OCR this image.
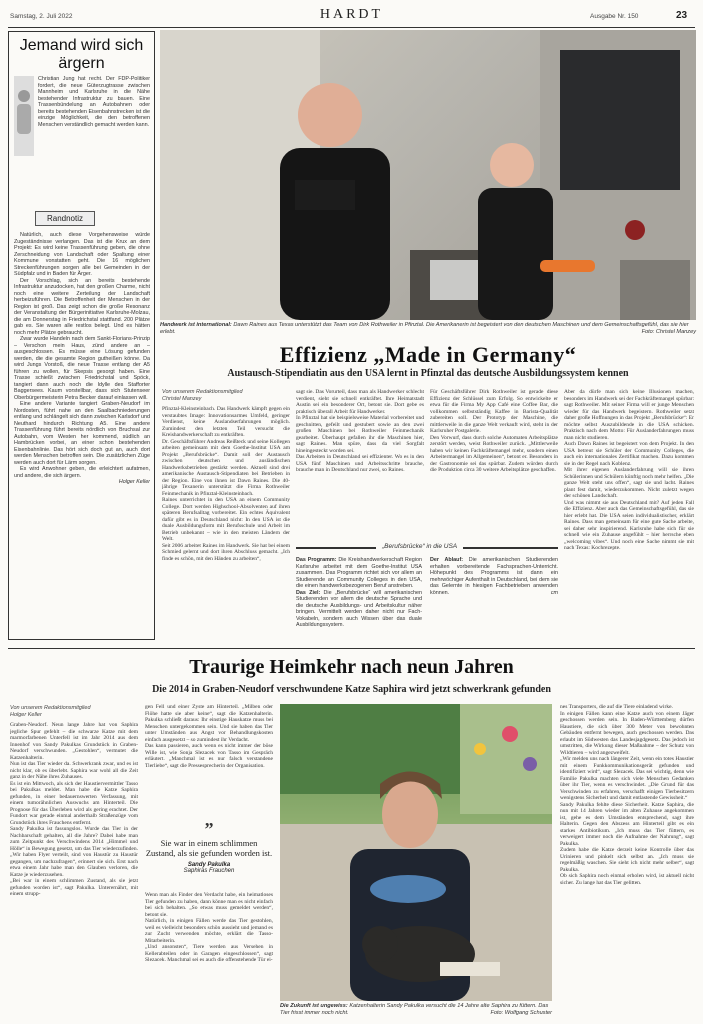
Samstag, 2. Juli 2022	HARDT	Ausgabe Nr. 150	23
Jemand wird sich ärgern
Christian Jung hat recht. Der FDP-Politiker fordert, die neue Güterzugtrasse zwischen Mannheim und Karlsruhe in die Nähe bestehender Infrastruktur zu bauen. Eine Trassenbündelung an Autobahnen oder bereits bestehenden Eisenbahnstrecken ist die einzige Möglichkeit, die den betroffenen Menschen verständlich gemacht werden kann.
Randnotiz
Natürlich, auch diese Vorgehensweise würde Zugeständnisse verlangen. Das ist die Krux an dem Projekt: Es wird keine Trassenführung geben, die ohne Zerschneidung von Landschaft oder Spaltung einer Kommune vonstatten geht. Die 16 möglichen Streckenführungen sorgen alle bei Gemeinden in der Südpfalz und in Baden für Ärger.
Der Vorschlag, sich an bereits bestehende Infrastruktur anzudocken, hat den großen Charme, nicht noch eine weitere Zerteilung der Landschaft herbeizuführen. Die Betroffenheit der Menschen in der Region ist groß. Das zeigt schon die große Resonanz der Veranstaltung der Bürgerinitiative Karlsruhe-Molzau, die am Donnerstag in Friedrichstal stattfand. 200 Plätze gab es. Sie waren alle restlos belegt. Und es hätten noch mehr Plätze gebraucht.
Zwar wurde Handeln nach dem Sankt-Florians-Prinzip – Verschon mein Haus, zünd andere an – ausgeschlossen. Es müsse eine Lösung gefunden werden, die die gesamte Region gutheißen könne. Da wird Jungs Vorstoß, die neue Trasse entlang der A5 führen zu wollen, für Skepsis gesorgt haben. Eine Trasse schießt zwischen Friedrichstal und Spöck, tangiert dann auch noch die Idylle des Stafforter Baggersees. Kaum vorstellbar, dass sich Stutenseer Oberbürgermeisterin Petra Becker darauf einlassen will.
Eine andere Variante tangiert Graben-Neudorf im Nordosten, führt nahe an den Saalbachniederungen entlang und schlängelt sich dann zwischen Karlsdorf und Neuthard hindurch Richtung A5. Eine andere Trassenführung führt bereits nördlich von Bruchsal zur Autobahn, vom Westen her kommend, südlich an Hambrücken vorbei, an einer schon bestehenden Eisenbahnlinie. Das hört sich doch gut an, auch dort werden Menschen betroffen sein. Die zusätzlichen Züge werden auch dort für Lärm sorgen.
Es wird Anwohner geben, die erleichtert aufatmen, und andere, die sich ärgern.
Holger Keller
Handwerk ist international: Dawn Raines aus Texas unterstützt das Team von Dirk Rothweiler in Pfinztal. Die Amerikanerin ist begeistert von den deutschen Maschinen und dem Gemeinschaftsgefühl, das sie hier erlebt.	Foto: Christel Manzey
Effizienz „Made in Germany“
Austausch-Stipendiatin aus den USA lernt in Pfinztal das deutsche Ausbildungssystem kennen
Von unserem Redaktionsmitglied
Christel Manzey
Pfinztal-Kleinsteinbach. Das Handwerk kämpft gegen ein verstaubtes Image: Innovationsarmes Umfeld, geringer Verdienst, keine Auslandserfahrungen möglich. Zumindest den letzten Teil versucht die Kreishandwerkerschaft zu entkräften.
Dr. Geschäftsführer Andreas Reißteck und seine Kollegen arbeiten gemeinsam mit dem Goethe-Institut USA am Projekt „Berufsbrücke“. Damit soll der Austausch zwischen deutschen und ausländischen Handwerksbetrieben gestärkt werden. Aktuell sind drei amerikanische Austausch-Stipendiaten bei Betrieben in der Region. Eine von ihnen ist Dawn Raines. Die 40-jährige Texanerin unterstützt die Firma Rothweiler Feinmechanik in Pfinztal-Kleinsteinbach.
Raines unterrichtet in den USA an einem Community College. Dort werden Highschool-Absolventen auf ihren späteren Berufsalltag vorbereitet. Ein echtes Äquivalent dafür gibt es in Deutschland nicht: In den USA ist die duale Ausbildungsform mit Berufsschule und Arbeit im Betrieb unbekannt – wie in den meisten Ländern der Welt.
Seit 2006 arbeitet Raines im Handwerk. Sie hat bei einem Schmied gelernt und dort ihren Abschluss gemacht. „Ich finde es schön, mit den Händen zu arbeiten“,
sagt sie. Das Vorurteil, dass man als Handwerker schlecht verdient, sieht sie schnell entkräftet. Ihre Heimatstadt Austin sei ein besonderer Ort, betont sie. Dort gebe es praktisch überall Arbeit für Handwerker.
In Pfinztal hat sie beispielsweise Material vorbereitet und geschnitten, gefeilt und gestubert sowie an den zwei großen Maschinen bei Rothweiler Feinmechanik gearbeitet. Überhaupt gefallen ihr die Maschinen hier, sagt Raines. Man spüre, dass da viel Sorgfalt hineingesteckt worden sei.
Das Arbeiten in Deutschland sei effizienter. Wo es in den USA fünf Maschinen und Arbeitsschritte brauche, brauche man in Deutschland nur zwei, so Raines.
Für Geschäftsführer Dirk Rothweiler ist gerade diese Effizienz der Schlüssel zum Erfolg. So entwickelte er etwa für die Firma My App Café eine Coffee Bar, die vollkommen selbstständig Kaffee in Barista-Qualität zubereiten soll. Der Prototyp der Maschine, die mittlerweile in die ganze Welt verkauft wird, steht in der Karlsruher Postgalerie.
Den Vorwurf, dass durch solche Automaten Arbeitsplätze zerstört werden, weist Rothweiler zurück. „Mittlerweile haben wir keinen Fachkräftemangel mehr, sondern einen Arbeitermangel im Allgemeinen“, betont er. Besonders in der Gastronomie sei das spürbar. Zudem würden durch die Produktion circa 30 weitere Arbeitsplätze geschaffen.
Aber da dürfe man sich keine Illusionen machen, besonders im Handwerk sei der Fachkräftemangel spürbar: sagt Rothweiler. Mit seiner Firma will er junge Menschen wieder für das Handwerk begeistern. Rothweiler setzt daher große Hoffnungen in das Projekt „Berufsbrücke“: Er möchte selbst Auszubildende in die USA schicken. Praktisch nach dem Motto: Für Auslanderfahrungen muss man nicht studieren.
Auch Dawn Raines ist begeistert von dem Projekt. In den USA betreut sie Schüler der Community Colleges, die auch ein internationales Zertifikat machen. Dazu kommen sie in der Regel nach Koblenz.
Mit ihrer eigenen Auslanderfahrung will sie ihren Schülerinnen und Schülern künftig noch mehr helfen. „Die ganze Welt steht uns offen“, sagt sie und lacht. Raines plant fest damit, wiederzukommen. Nicht zuletzt wegen der schönen Landschaft.
Und was nimmt sie aus Deutschland mit? Auf jeden Fall die Effizienz. Aber auch das Gemeinschaftsgefühl, das sie hier erlebt hat. Die USA seien individualistischer, erklärt Raines. Dass man gemeinsam für eine gute Sache arbeite, sei daher sehr inspirierend. Karlsruhe habe sich für sie schnell wie ein Zuhause angefühlt – hier herrsche eben „welcoming vibes“. Und noch eine Sache nimmt sie mit nach Texas: Kochrezepte.
„Berufsbrücke“ in die USA
Das Programm: Die Kreishandwerkerschaft Region Karlsruhe arbeitet mit dem Goethe-Institut USA zusammen. Das Programm richtet sich vor allem an Studierende an Community Colleges in den USA, die einen handwerksbezogenen Beruf anstreben.
Das Ziel: Die „Berufsbrücke“ will amerikanischen Studierenden vor allem die deutsche Sprache und die deutsche Ausbildungs- und Arbeitskultur näher bringen. Vermittelt werden daher nicht nur Fach-Vokabeln, sondern auch Wissen über das duale Ausbildungssystem.
Der Ablauf: Die amerikanischen Studierenden erhalten vorbereitende Fachsprachen-Unterricht. Höhepunkt des Programms ist dann ein mehrwöchiger Aufenthalt in Deutschland, bei dem sie das Gelernte in hiesigen Fachbetrieben anwenden können.	cm
Traurige Heimkehr nach neun Jahren
Die 2014 in Graben-Neudorf verschwundene Katze Saphira wird jetzt schwerkrank gefunden
Von unserem Redaktionsmitglied
Holger Keller
Graben-Neudorf. Neun lange Jahre hat von Saphira jegliche Spur gefehlt – die schwarze Katze mit dem marmorfarbenen Unterfell ist im Jahr 2014 aus dem Innenhof von Sandy Pakulkas Grundstück in Graben-Neudorf verschwunden. „Gestohlen“, vermutet die Katzenhalterin.
Nun ist das Tier wieder da. Schwerkrank zwar, und es ist nicht klar, ob es überlebt. Saphira war wohl all die Zeit ganz in der Nähe ihres Zuhauses.
Es ist ein Mittwoch, als sich der Haustiervermittler Tasso bei Pakulkas meldet. Man habe die Katze Saphira gefunden, in einer bedauernswerten Verfassung, mit einem tumorähnlichen Auswuchs am Hinterteil. Die Prognose für das Überleben wird als gering erachtet. Der Fundort war gerade einmal anderthalb Straßenzüge vom Grundstück ihres Frauchens entfernt.
Sandy Pakulka ist fassungslos. Wurde das Tier in der Nachbarschaft gehalten, all die Jahre? Dabei habe man zum Zeitpunkt des Verschwindens 2014 „Himmel und Hölle“ in Bewegung gesetzt, um das Tier wiederzufinden. „Wir haben Flyer verteilt, sind von Haustür zu Haustür gegangen, um nachzufragen“, erinnert sie sich. Erst nach etwa einem Jahr habe man den Glauben verloren, die Katze je wiederzusehen.
„Bei war in einem schlimmen Zustand, als sie jetzt gefunden worden ist“, sagt Pakulka. Unterernährt, mit einem strupp-
gen Fell und einer Zyste am Hinterteil. „Milben oder Flöhe hatte sie aber keine“, sagt die Katzenhalterin. Pakulka schließt daraus: Ihr einstige Hauskatze muss bei Menschen untergekommen sein. Und sie haben das Tier unter Umständen aus Angst vor Behandlungskosten einfach ausgesetzt – so zumindest ihr Verdacht.
Das kann passieren, auch wenn es nicht immer der böse Wille ist, wie Sonja Slezacek von Tasso im Gespräch erläutert. „Manchmal ist es nur falsch verstandene Tierliebe“, sagt die Pressesprecherin der Organisation.
”
Sie war in einem schlimmen Zustand, als sie gefunden worden ist.
Sandy Pakulka
Saphiras Frauchen
Wenn man als Finder den Verdacht habe, ein heimatloses Tier gefunden zu haben, dann könne man es nicht einfach bei sich behalten. „So etwas muss gemeldet werden“, betont sie.
Natürlich, in einigen Fällen werde das Tier gestohlen, weil es vielleicht besonders schön aussieht und jemand es zur Zucht verwenden möchte, erklärt die Tasso-Mitarbeiterin.
„Und ansonsten“, Tiere werden aus Versehen in Kellerabteilen oder in Garagen eingeschlossen“, sagt Slezacek. Manchmal sei es auch die offenstehende Tür ei-
Die Zukunft ist ungewiss: Katzenhalterin Sandy Pakulka versucht die 14 Jahre alte Saphira zu füttern. Das Tier frisst immer noch nicht.	Foto: Wolfgang Schuster
nes Transporters, die auf die Tiere einladend wirke.
In einigen Fällen kann eine Katze auch von einem Jäger geschossen werden sein. In Baden-Württemberg dürfen Haustiere, die sich über 300 Meter von bewohnten Gebäuden entfernt bewegen, auch geschossen werden. Das erlaubt im Südwesten das Landesjagdgesetz. Das jedoch ist umstritten, die Wirkung dieser Maßnahme – der Schutz von Wildtieren – wird angezweifelt.
„Wir melden uns nach längerer Zeit, wenn ein totes Haustier mit einem Funkkommunikationsgerät gefunden und identifiziert wird“, sagt Slezacek. Das sei wichtig, denn wie Familie Pakulka machten sich viele Menschen Gedanken über ihr Tier, wenn es verschwindet. „Die Grund für das Verschwinden zu erfahren, verschafft einigen Tierbesitzern wenigstens Sicherheit und damit entlastende Gewissheit.“
Sandy Pakulka fehlte diese Sicherheit. Katze Saphira, die nun mit 14 Jahren wieder im alten Zuhause angekommen ist, gehe es dem Umständen entsprechend, sagt ihre Halterin. Gegen den Abszess am Hinterteil gibt es ein starkes Antibiotikum. „Ich muss das Tier füttern, es verweigert immer noch die Aufnahme der Nahrung“, sagt Pakulka.
Zudem habe die Katze derzeit keine Kontrolle über das Urinieren und pinkelt sich selbst an. „Ich muss sie regelmäßig waschen. Sie sieht ich nicht mehr selber“, sagt Pakulka.
Ob sich Saphira noch einmal erholen wird, ist aktuell nicht sicher. Zu lange hat das Tier gelitten.
